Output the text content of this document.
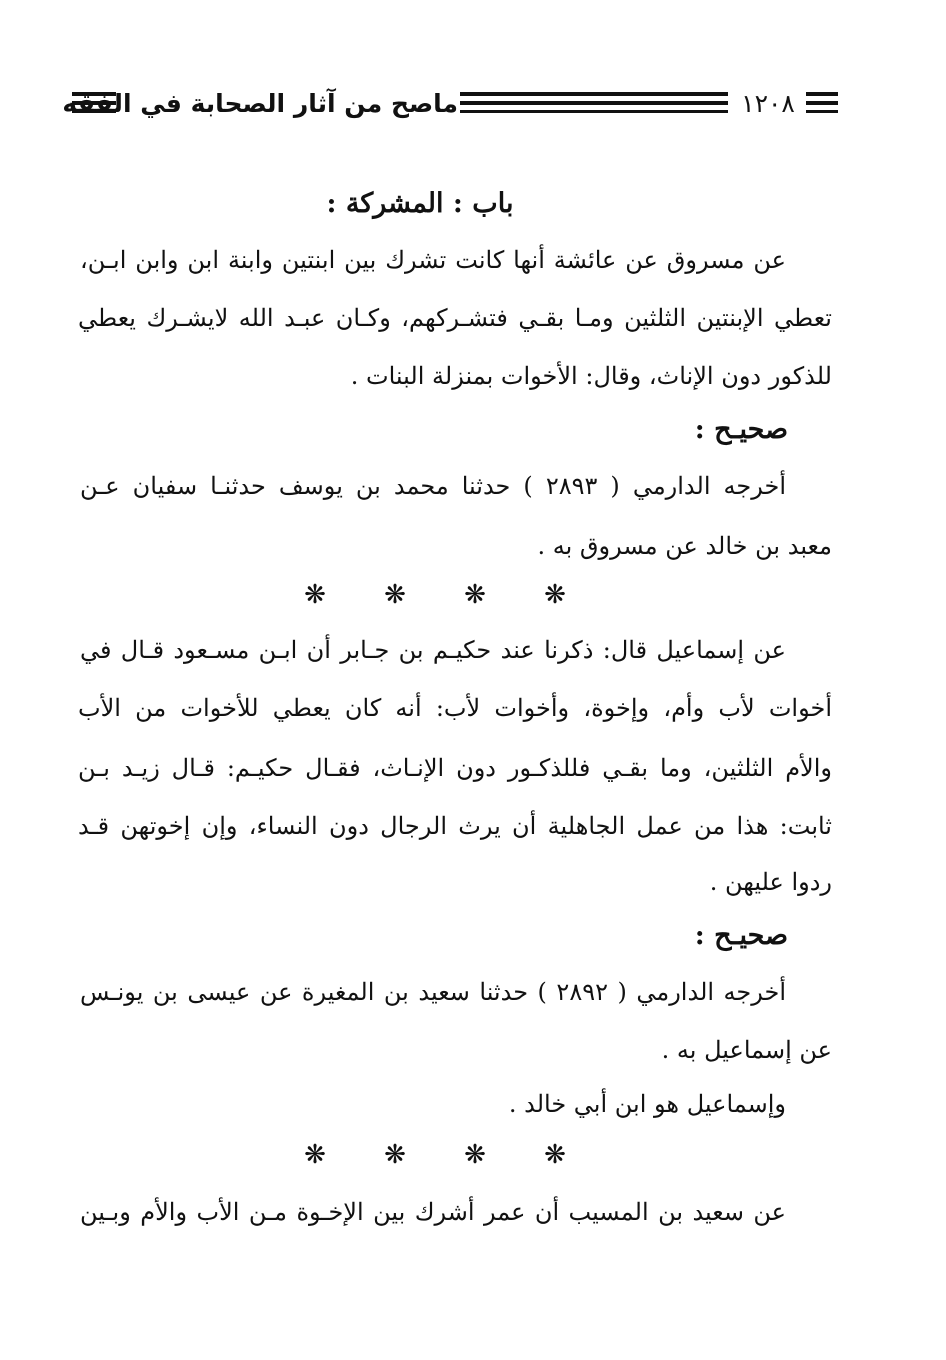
ماصح من آثار الصحابة في الفقه	١٢٠٨
باب : المشركة :
عن مسروق عن عائشة أنها كانت تشرك بين ابنتين وابنة ابن وابن ابـن،
تعطي الإبنتين الثلثين ومـا بقـي فتشـركهم، وكـان عبـد الله لايشـرك يعطي
للذكور دون الإناث، وقال: الأخوات بمنزلة البنات .
صحيـح :
أخرجه الدارمي ( ٢٨٩٣ ) حدثنا محمد بن يوسف حدثنـا سفيان عـن
معبد بن خالد عن مسروق به .
❋ ❋ ❋ ❋
عن إسماعيل قال: ذكرنا عند حكيـم بن جـابر أن ابـن مسـعود قـال في
أخوات لأب وأم، وإخوة، وأخوات لأب: أنه كان يعطي للأخوات من الأب
والأم الثلثين، وما بقـي فللذكـور دون الإنـاث، فقـال حكيـم: قـال زيـد بـن
ثابت: هذا من عمل الجاهلية أن يرث الرجال دون النساء، وإن إخوتهن قـد
ردوا عليهن .
صحيـح :
أخرجه الدارمي ( ٢٨٩٢ ) حدثنا سعيد بن المغيرة عن عيسى بن يونـس
عن إسماعيل به .
وإسماعيل هو ابن أبي خالد .
❋ ❋ ❋ ❋
عن سعيد بن المسيب أن عمر أشرك بين الإخـوة مـن الأب والأم وبـين
